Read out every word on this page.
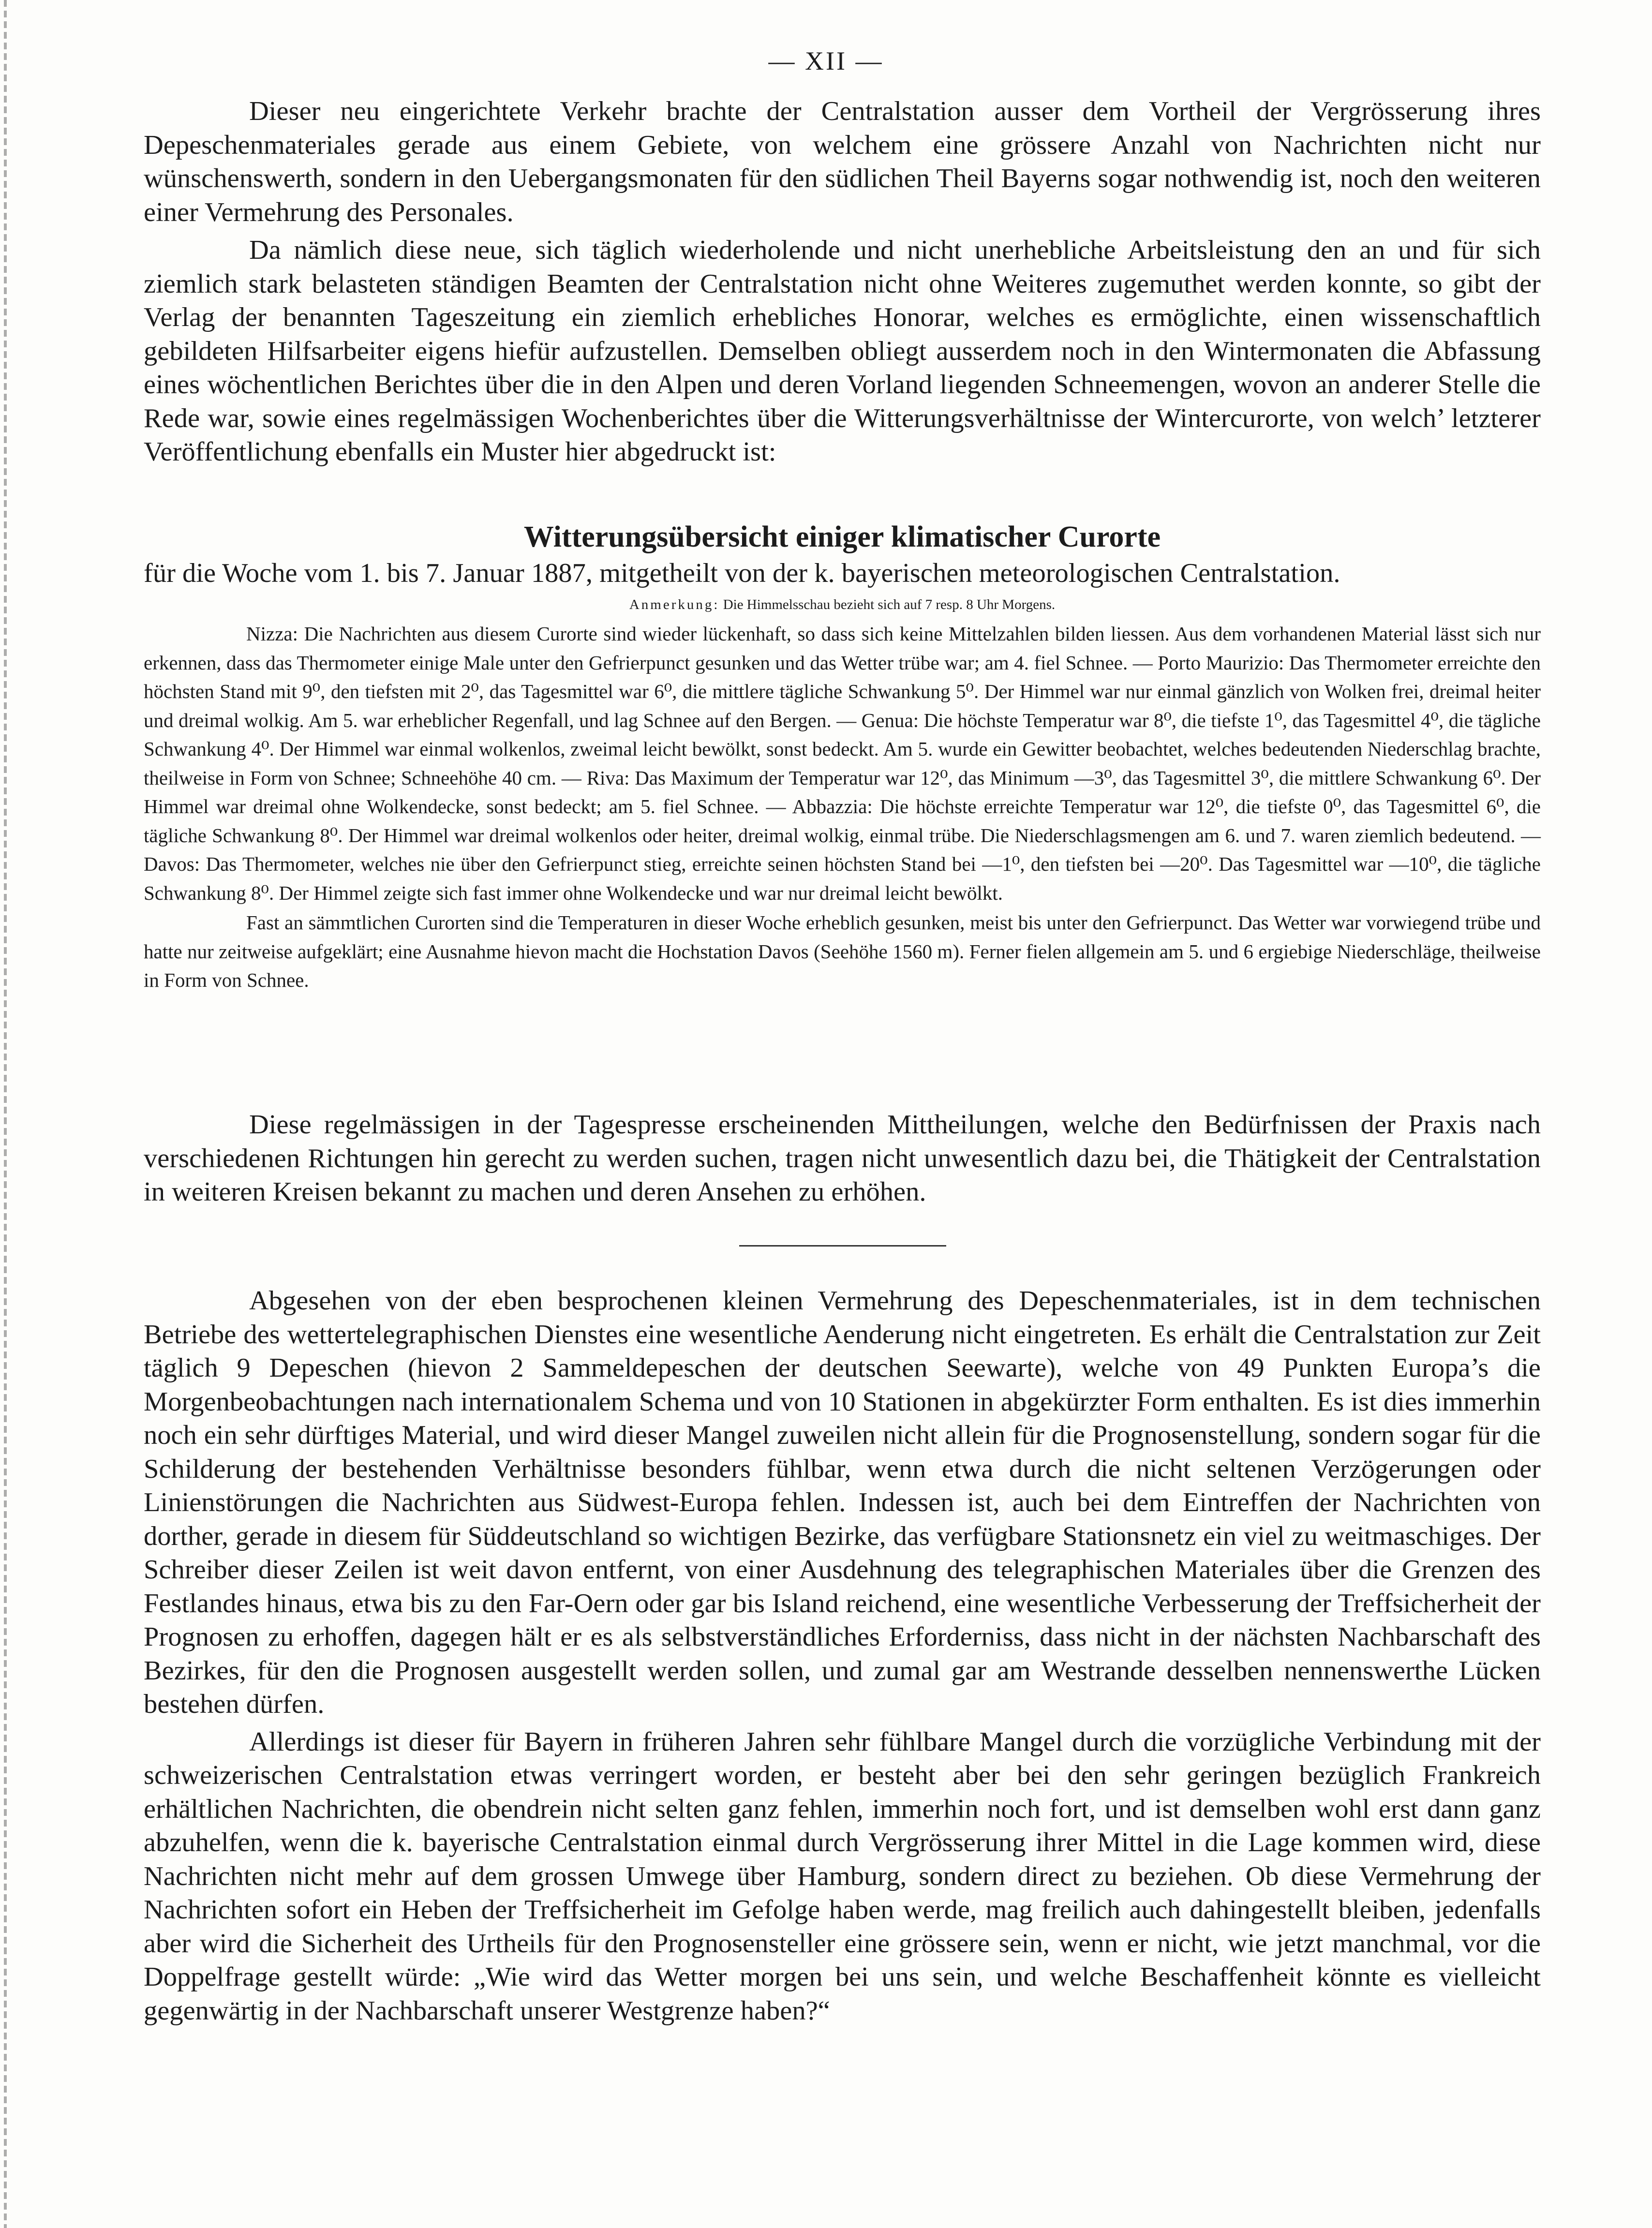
— XII —

Dieser neu eingerichtete Verkehr brachte der Centralstation ausser dem Vortheil der Vergrösserung ihres Depeschenmateriales gerade aus einem Gebiete, von welchem eine grössere Anzahl von Nachrichten nicht nur wünschenswerth, sondern in den Uebergangsmonaten für den südlichen Theil Bayerns sogar nothwendig ist, noch den weiteren einer Vermehrung des Personales.

Da nämlich diese neue, sich täglich wiederholende und nicht unerhebliche Arbeitsleistung den an und für sich ziemlich stark belasteten ständigen Beamten der Centralstation nicht ohne Weiteres zugemuthet werden konnte, so gibt der Verlag der benannten Tageszeitung ein ziemlich erhebliches Honorar, welches es ermöglichte, einen wissenschaftlich gebildeten Hilfsarbeiter eigens hiefür aufzustellen. Demselben obliegt ausserdem noch in den Wintermonaten die Abfassung eines wöchentlichen Berichtes über die in den Alpen und deren Vorland liegenden Schneemengen, wovon an anderer Stelle die Rede war, sowie eines regelmässigen Wochenberichtes über die Witterungsverhältnisse der Wintercurorte, von welch’ letzterer Veröffentlichung ebenfalls ein Muster hier abgedruckt ist:

Witterungsübersicht einiger klimatischer Curorte

für die Woche vom 1. bis 7. Januar 1887, mitgetheilt von der k. bayerischen meteorologischen Centralstation.

Anmerkung: Die Himmelsschau bezieht sich auf 7 resp. 8 Uhr Morgens.

Nizza: Die Nachrichten aus diesem Curorte sind wieder lückenhaft, so dass sich keine Mittelzahlen bilden liessen. Aus dem vorhandenen Material lässt sich nur erkennen, dass das Thermometer einige Male unter den Gefrierpunct gesunken und das Wetter trübe war; am 4. fiel Schnee. — Porto Maurizio: Das Thermometer erreichte den höchsten Stand mit 9⁰, den tiefsten mit 2⁰, das Tagesmittel war 6⁰, die mittlere tägliche Schwankung 5⁰. Der Himmel war nur einmal gänzlich von Wolken frei, dreimal heiter und dreimal wolkig. Am 5. war erheblicher Regenfall, und lag Schnee auf den Bergen. — Genua: Die höchste Temperatur war 8⁰, die tiefste 1⁰, das Tagesmittel 4⁰, die tägliche Schwankung 4⁰. Der Himmel war einmal wolkenlos, zweimal leicht bewölkt, sonst bedeckt. Am 5. wurde ein Gewitter beobachtet, welches bedeutenden Niederschlag brachte, theilweise in Form von Schnee; Schneehöhe 40 cm. — Riva: Das Maximum der Temperatur war 12⁰, das Minimum —3⁰, das Tagesmittel 3⁰, die mittlere Schwankung 6⁰. Der Himmel war dreimal ohne Wolkendecke, sonst bedeckt; am 5. fiel Schnee. — Abbazzia: Die höchste erreichte Temperatur war 12⁰, die tiefste 0⁰, das Tagesmittel 6⁰, die tägliche Schwankung 8⁰. Der Himmel war dreimal wolkenlos oder heiter, dreimal wolkig, einmal trübe. Die Niederschlagsmengen am 6. und 7. waren ziemlich bedeutend. — Davos: Das Thermometer, welches nie über den Gefrierpunct stieg, erreichte seinen höchsten Stand bei —1⁰, den tiefsten bei —20⁰. Das Tagesmittel war —10⁰, die tägliche Schwankung 8⁰. Der Himmel zeigte sich fast immer ohne Wolkendecke und war nur dreimal leicht bewölkt.

Fast an sämmtlichen Curorten sind die Temperaturen in dieser Woche erheblich gesunken, meist bis unter den Gefrierpunct. Das Wetter war vorwiegend trübe und hatte nur zeitweise aufgeklärt; eine Ausnahme hievon macht die Hochstation Davos (Seehöhe 1560 m). Ferner fielen allgemein am 5. und 6 ergiebige Niederschläge, theilweise in Form von Schnee.

Diese regelmässigen in der Tagespresse erscheinenden Mittheilungen, welche den Bedürfnissen der Praxis nach verschiedenen Richtungen hin gerecht zu werden suchen, tragen nicht unwesentlich dazu bei, die Thätigkeit der Centralstation in weiteren Kreisen bekannt zu machen und deren Ansehen zu erhöhen.

Abgesehen von der eben besprochenen kleinen Vermehrung des Depeschenmateriales, ist in dem technischen Betriebe des wettertelegraphischen Dienstes eine wesentliche Aenderung nicht eingetreten. Es erhält die Centralstation zur Zeit täglich 9 Depeschen (hievon 2 Sammeldepeschen der deutschen Seewarte), welche von 49 Punkten Europa’s die Morgenbeobachtungen nach internationalem Schema und von 10 Stationen in abgekürzter Form enthalten. Es ist dies immerhin noch ein sehr dürftiges Material, und wird dieser Mangel zuweilen nicht allein für die Prognosenstellung, sondern sogar für die Schilderung der bestehenden Verhältnisse besonders fühlbar, wenn etwa durch die nicht seltenen Verzögerungen oder Linienstörungen die Nachrichten aus Südwest-Europa fehlen. Indessen ist, auch bei dem Eintreffen der Nachrichten von dorther, gerade in diesem für Süddeutschland so wichtigen Bezirke, das verfügbare Stationsnetz ein viel zu weitmaschiges. Der Schreiber dieser Zeilen ist weit davon entfernt, von einer Ausdehnung des telegraphischen Materiales über die Grenzen des Festlandes hinaus, etwa bis zu den Far-Oern oder gar bis Island reichend, eine wesentliche Verbesserung der Treffsicherheit der Prognosen zu erhoffen, dagegen hält er es als selbstverständliches Erforderniss, dass nicht in der nächsten Nachbarschaft des Bezirkes, für den die Prognosen ausgestellt werden sollen, und zumal gar am Westrande desselben nennenswerthe Lücken bestehen dürfen.

Allerdings ist dieser für Bayern in früheren Jahren sehr fühlbare Mangel durch die vorzügliche Verbindung mit der schweizerischen Centralstation etwas verringert worden, er besteht aber bei den sehr geringen bezüglich Frankreich erhältlichen Nachrichten, die obendrein nicht selten ganz fehlen, immerhin noch fort, und ist demselben wohl erst dann ganz abzuhelfen, wenn die k. bayerische Centralstation einmal durch Vergrösserung ihrer Mittel in die Lage kommen wird, diese Nachrichten nicht mehr auf dem grossen Umwege über Hamburg, sondern direct zu beziehen. Ob diese Vermehrung der Nachrichten sofort ein Heben der Treffsicherheit im Gefolge haben werde, mag freilich auch dahingestellt bleiben, jedenfalls aber wird die Sicherheit des Urtheils für den Prognosensteller eine grössere sein, wenn er nicht, wie jetzt manchmal, vor die Doppelfrage gestellt würde: „Wie wird das Wetter morgen bei uns sein, und welche Beschaffenheit könnte es vielleicht gegenwärtig in der Nachbarschaft unserer Westgrenze haben?“
